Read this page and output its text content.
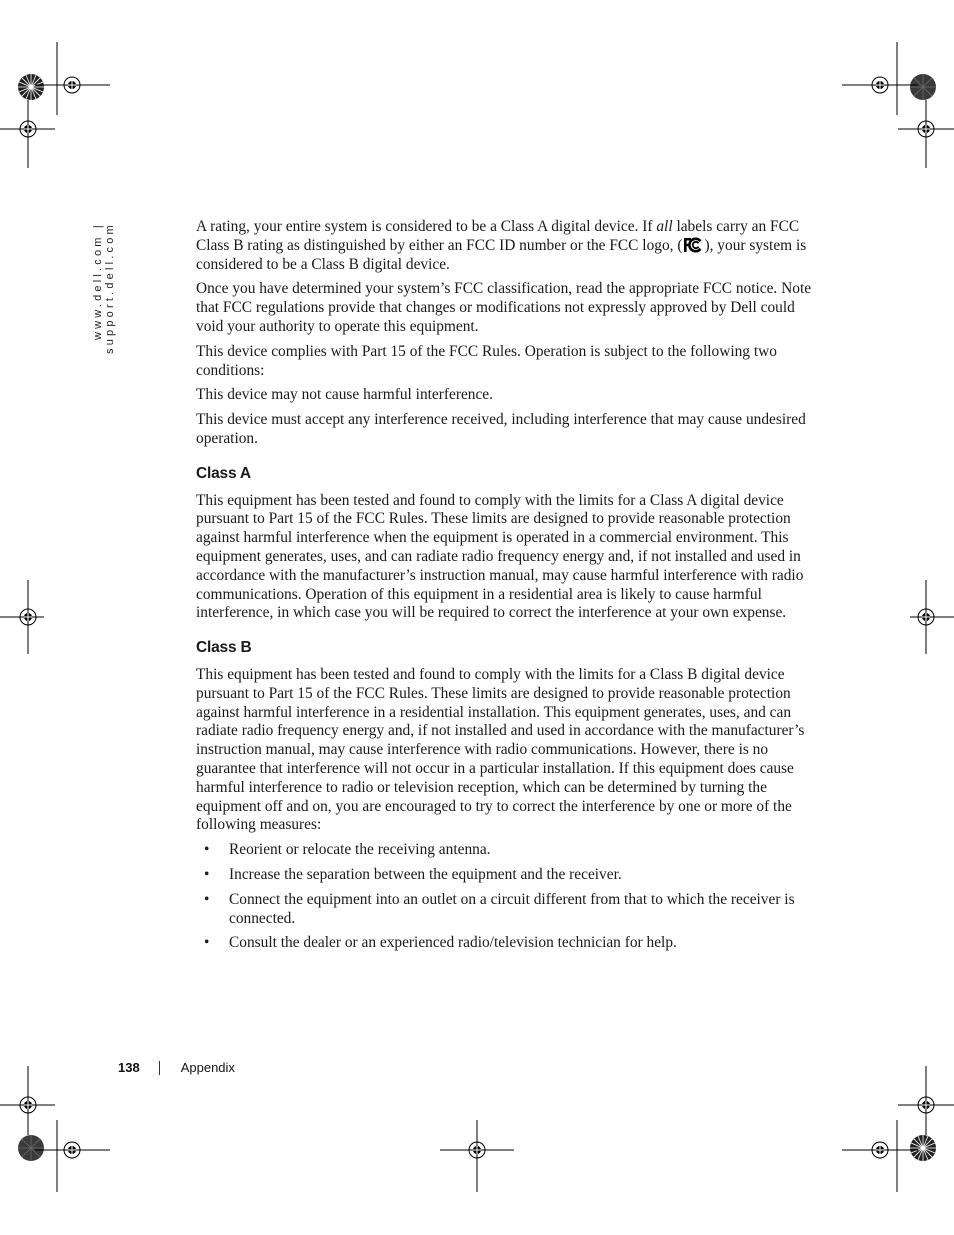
www.dell.com | support.dell.com	A rating, your entire system is considered to be a Class A digital device. If all labels carry an FCC Class B rating as distinguished by either an FCC ID number or the FCC logo, ( ), your system is considered to be a Class B digital device.

Once you have determined your system’s FCC classification, read the appropriate FCC notice. Note that FCC regulations provide that changes or modifications not expressly approved by Dell could void your authority to operate this equipment.

This device complies with Part 15 of the FCC Rules. Operation is subject to the following two conditions:

This device may not cause harmful interference.

This device must accept any interference received, including interference that may cause undesired operation.

Class A

This equipment has been tested and found to comply with the limits for a Class A digital device pursuant to Part 15 of the FCC Rules. These limits are designed to provide reasonable protection against harmful interference when the equipment is operated in a commercial environment. This equipment generates, uses, and can radiate radio frequency energy and, if not installed and used in accordance with the manufacturer’s instruction manual, may cause harmful interference with radio communications. Operation of this equipment in a residential area is likely to cause harmful interference, in which case you will be required to correct the interference at your own expense.

Class B

This equipment has been tested and found to comply with the limits for a Class B digital device pursuant to Part 15 of the FCC Rules. These limits are designed to provide reasonable protection against harmful interference in a residential installation. This equipment generates, uses, and can radiate radio frequency energy and, if not installed and used in accordance with the manufacturer’s instruction manual, may cause interference with radio communications. However, there is no guarantee that interference will not occur in a particular installation. If this equipment does cause harmful interference to radio or television reception, which can be determined by turning the equipment off and on, you are encouraged to try to correct the interference by one or more of the following measures:

• Reorient or relocate the receiving antenna.
• Increase the separation between the equipment and the receiver.
• Connect the equipment into an outlet on a circuit different from that to which the receiver is connected.
• Consult the dealer or an experienced radio/television technician for help.
138	Appendix
